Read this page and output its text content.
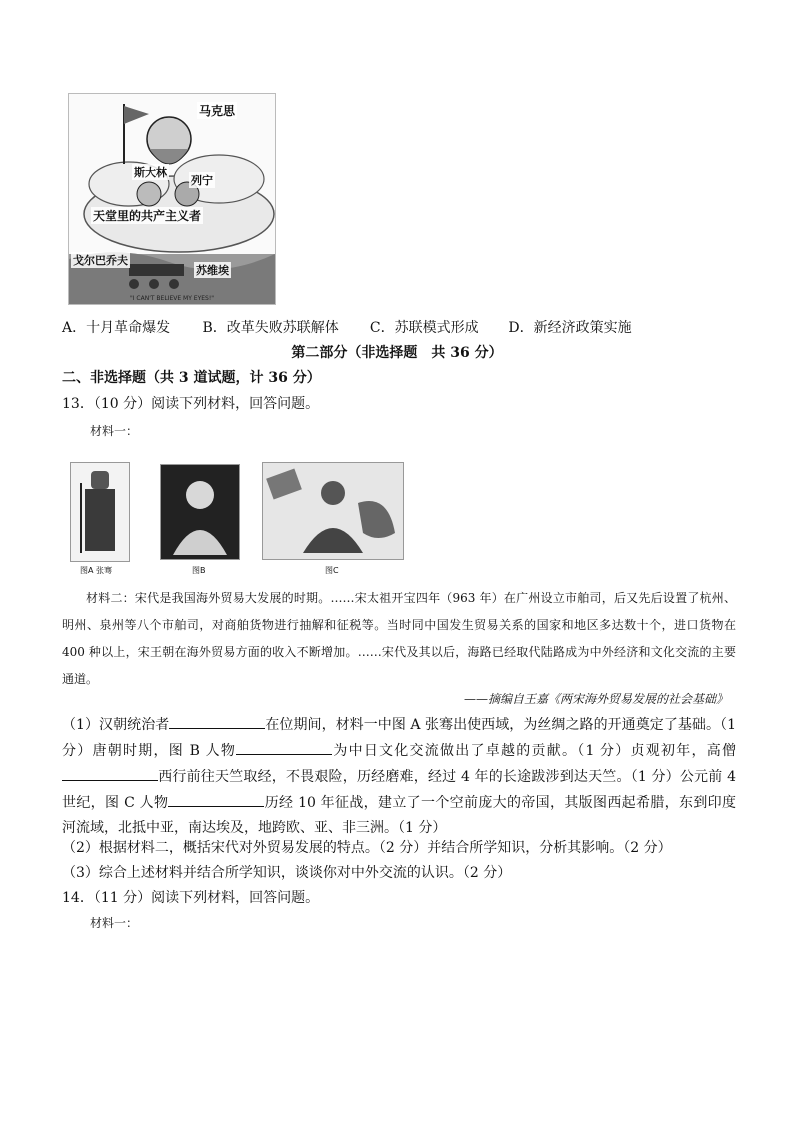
马克思
斯大林
列宁
天堂里的共产主义者
戈尔巴乔夫
苏维埃
"I CAN'T BELIEVE MY EYES!"
A．十月革命爆发 B．改革失败苏联解体 C．苏联模式形成 D．新经济政策实施
第二部分（非选择题　共 36 分）
二、非选择题（共 3 道试题，计 36 分）
13．（10 分）阅读下列材料，回答问题。
材料一：
图A 张骞	图B	图C
材料二：宋代是我国海外贸易大发展的时期。……宋太祖开宝四年（963 年）在广州设立市舶司，后又先后设置了杭州、明州、泉州等八个市舶司，对商舶货物进行抽解和征税等。当时同中国发生贸易关系的国家和地区多达数十个，进口货物在 400 种以上，宋王朝在海外贸易方面的收入不断增加。……宋代及其以后，海路已经取代陆路成为中外经济和文化交流的主要通道。
——摘编自王嘉《两宋海外贸易发展的社会基础》
（1）汉朝统治者	在位期间，材料一中图 A 张骞出使西域，为丝绸之路的开通奠定了基础。（1 分）唐朝时期，图 B 人物	为中日文化交流做出了卓越的贡献。（1 分）贞观初年，高僧西行前往天竺取经，不畏艰险，历经磨难，经过 4 年的长途跋涉到达天竺。（1 分）公元前 4 世纪，图 C 人物	历经 10 年征战，建立了一个空前庞大的帝国，其版图西起希腊，东到印度河流域，北抵中亚，南达埃及，地跨欧、亚、非三洲。（1 分）
（2）根据材料二，概括宋代对外贸易发展的特点。（2 分）并结合所学知识，分析其影响。（2 分）
（3）综合上述材料并结合所学知识，谈谈你对中外交流的认识。（2 分）
14．（11 分）阅读下列材料，回答问题。
材料一：
